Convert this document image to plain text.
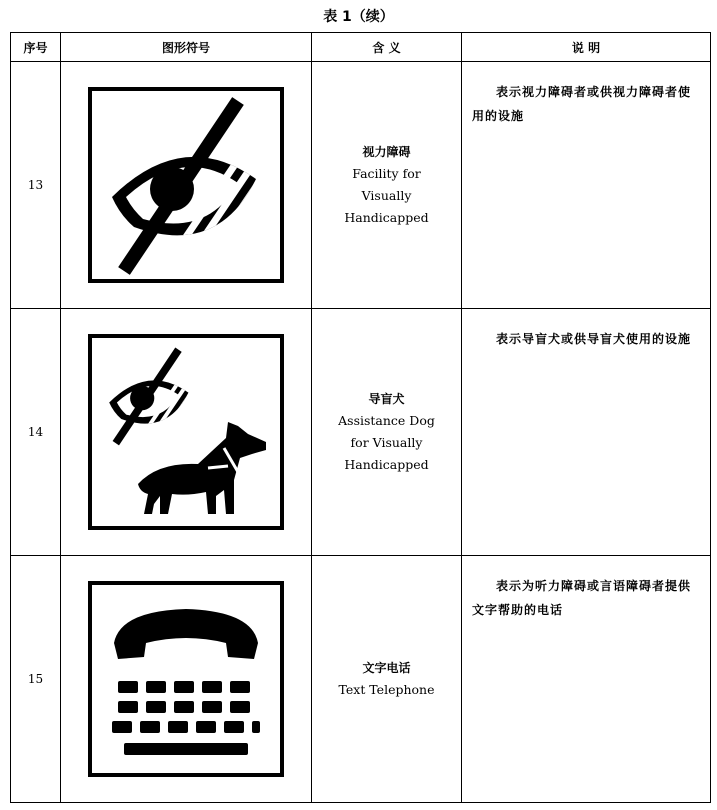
表 1（续）
序号	图形符号	含 义	说 明
13		视力障碍
Facility for
Visually
Handicapped	表示视力障碍者或供视力障碍者使用的设施
14		导盲犬
Assistance Dog
for Visually
Handicapped	表示导盲犬或供导盲犬使用的设施
15		文字电话
Text Telephone	表示为听力障碍或言语障碍者提供文字帮助的电话
